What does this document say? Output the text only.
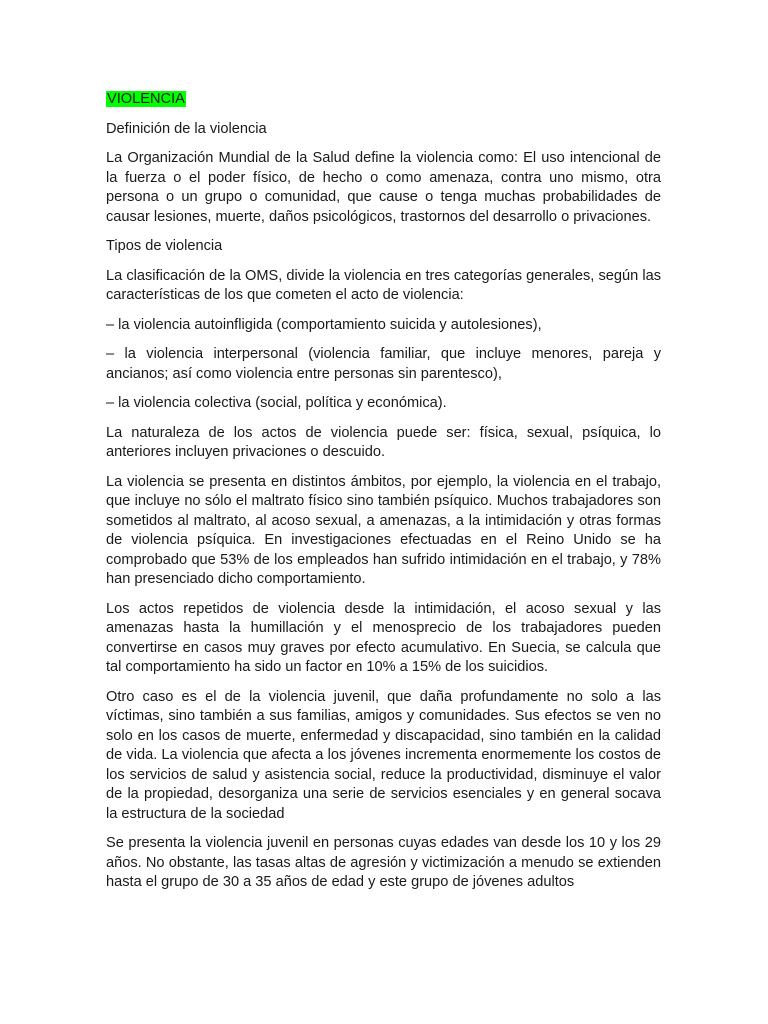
VIOLENCIA

Definición de la violencia

La Organización Mundial de la Salud define la violencia como: El uso intencional de la fuerza o el poder físico, de hecho o como amenaza, contra uno mismo, otra persona o un grupo o comunidad, que cause o tenga muchas probabilidades de causar lesiones, muerte, daños psicológicos, trastornos del desarrollo o privaciones.

Tipos de violencia

La clasificación de la OMS, divide la violencia en tres categorías generales, según las características de los que cometen el acto de violencia:

– la violencia autoinfligida (comportamiento suicida y autolesiones),

– la violencia interpersonal (violencia familiar, que incluye menores, pareja y ancianos; así como violencia entre personas sin parentesco),

– la violencia colectiva (social, política y económica).

La naturaleza de los actos de violencia puede ser: física, sexual, psíquica, lo anteriores incluyen privaciones o descuido.

La violencia se presenta en distintos ámbitos, por ejemplo, la violencia en el trabajo, que incluye no sólo el maltrato físico sino también psíquico. Muchos trabajadores son sometidos al maltrato, al acoso sexual, a amenazas, a la intimidación y otras formas de violencia psíquica. En investigaciones efectuadas en el Reino Unido se ha comprobado que 53% de los empleados han sufrido intimidación en el trabajo, y 78% han presenciado dicho comportamiento.

Los actos repetidos de violencia desde la intimidación, el acoso sexual y las amenazas hasta la humillación y el menosprecio de los trabajadores pueden convertirse en casos muy graves por efecto acumulativo. En Suecia, se calcula que tal comportamiento ha sido un factor en 10% a 15% de los suicidios.

Otro caso es el de la violencia juvenil, que daña profundamente no solo a las víctimas, sino también a sus familias, amigos y comunidades. Sus efectos se ven no solo en los casos de muerte, enfermedad y discapacidad, sino también en la calidad de vida. La violencia que afecta a los jóvenes incrementa enormemente los costos de los servicios de salud y asistencia social, reduce la productividad, disminuye el valor de la propiedad, desorganiza una serie de servicios esenciales y en general socava la estructura de la sociedad

Se presenta la violencia juvenil en personas cuyas edades van desde los 10 y los 29 años. No obstante, las tasas altas de agresión y victimización a menudo se extienden hasta el grupo de 30 a 35 años de edad y este grupo de jóvenes adultos
